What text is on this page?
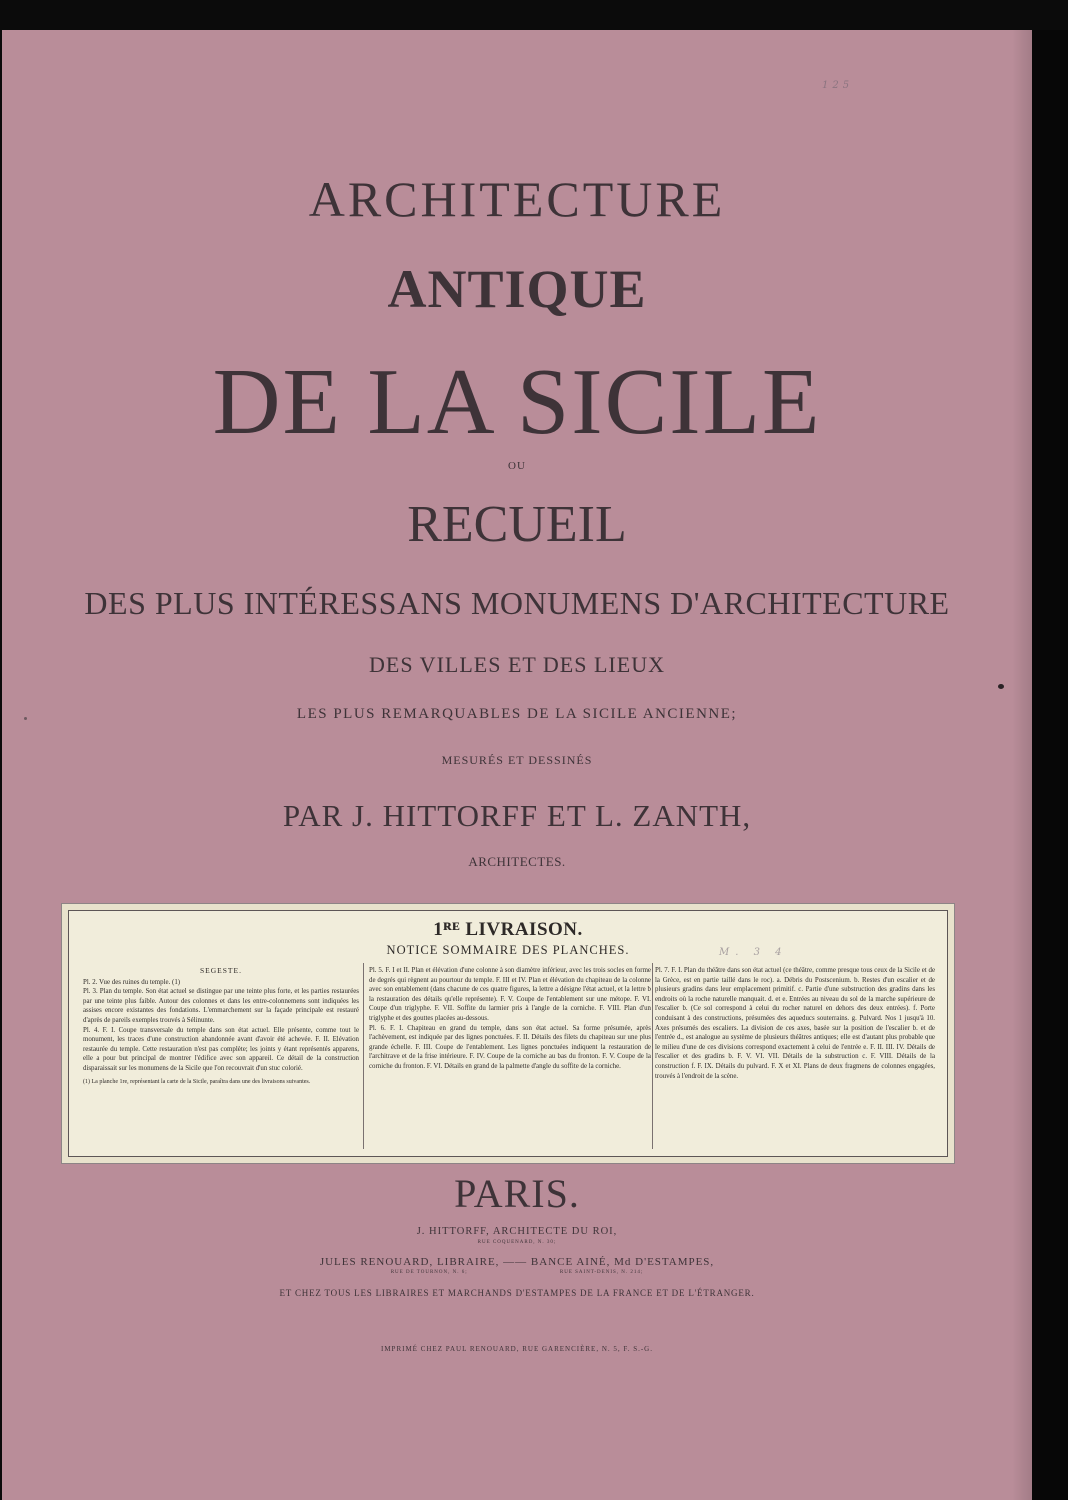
125
ARCHITECTURE
ANTIQUE
DE LA SICILE
OU
RECUEIL
DES PLUS INTÉRESSANS MONUMENS D'ARCHITECTURE
DES VILLES ET DES LIEUX
LES PLUS REMARQUABLES DE LA SICILE ANCIENNE;
MESURÉS ET DESSINÉS
PAR J. HITTORFF ET L. ZANTH,
ARCHITECTES.
1ᴿᴱ LIVRAISON.
NOTICE SOMMAIRE DES PLANCHES.	M. 3 4
SEGESTE.

Pl. 2. Vue des ruines du temple. (1)

Pl. 3. Plan du temple. Son état actuel se distingue par une teinte plus forte, et les parties restaurées par une teinte plus faible. Autour des colonnes et dans les entre-colonnemens sont indiquées les assises encore existantes des fondations. L'emmarchement sur la façade principale est restauré d'après de pareils exemples trouvés à Sélinunte.

Pl. 4. F. I. Coupe transversale du temple dans son état actuel. Elle présente, comme tout le monument, les traces d'une construction abandonnée avant d'avoir été achevée. F. II. Elévation restaurée du temple. Cette restauration n'est pas complète; les joints y étant représentés apparens, elle a pour but principal de montrer l'édifice avec son appareil. Ce détail de la construction disparaissait sur les monumens de la Sicile que l'on recouvrait d'un stuc colorié.

(1) La planche 1re, représentant la carte de la Sicile, paraîtra dans une des livraisons suivantes.

Pl. 5. F. I et II. Plan et élévation d'une colonne à son diamètre inférieur, avec les trois socles en forme de degrés qui règnent au pourtour du temple. F. III et IV. Plan et élévation du chapiteau de la colonne avec son entablement (dans chacune de ces quatre figures, la lettre a désigne l'état actuel, et la lettre b la restauration des détails qu'elle représente). F. V. Coupe de l'entablement sur une métope. F. VI. Coupe d'un triglyphe. F. VII. Soffite du larmier pris à l'angle de la corniche. F. VIII. Plan d'un triglyphe et des gouttes placées au-dessous.

Pl. 6. F. I. Chapiteau en grand du temple, dans son état actuel. Sa forme présumée, après l'achèvement, est indiquée par des lignes ponctuées. F. II. Détails des filets du chapiteau sur une plus grande échelle. F. III. Coupe de l'entablement. Les lignes ponctuées indiquent la restauration de l'architrave et de la frise intérieure. F. IV. Coupe de la corniche au bas du fronton. F. V. Coupe de la corniche du fronton. F. VI. Détails en grand de la palmette d'angle du soffite de la corniche.

Pl. 7. F. I. Plan du théâtre dans son état actuel (ce théâtre, comme presque tous ceux de la Sicile et de la Grèce, est en partie taillé dans le roc). a. Débris du Postscenium. b. Restes d'un escalier et de plusieurs gradins dans leur emplacement primitif. c. Partie d'une substruction des gradins dans les endroits où la roche naturelle manquait. d. et e. Entrées au niveau du sol de la marche supérieure de l'escalier b. (Ce sol correspond à celui du rocher naturel en dehors des deux entrées). f. Porte conduisant à des constructions, présumées des aqueducs souterrains. g. Pulvard. Nos 1 jusqu'à 10. Axes présumés des escaliers. La division de ces axes, basée sur la position de l'escalier b. et de l'entrée d., est analogue au système de plusieurs théâtres antiques; elle est d'autant plus probable que le milieu d'une de ces divisions correspond exactement à celui de l'entrée e. F. II. III. IV. Détails de l'escalier et des gradins b. F. V. VI. VII. Détails de la substruction c. F. VIII. Détails de la construction f. F. IX. Détails du pulvard. F. X et XI. Plans de deux fragmens de colonnes engagées, trouvés à l'endroit de la scène.

PARIS.
J. HITTORFF, ARCHITECTE DU ROI,
RUE COQUENARD, N. 30;
JULES RENOUARD, LIBRAIRE, —— BANCE AINÉ, Md D'ESTAMPES,
RUE DE TOURNON, N. 6;                                         RUE SAINT-DENIS, N. 214;
ET CHEZ TOUS LES LIBRAIRES ET MARCHANDS D'ESTAMPES DE LA FRANCE ET DE L'ÉTRANGER.
IMPRIMÉ CHEZ PAUL RENOUARD, RUE GARENCIÈRE, N. 5, F. S.-G.
